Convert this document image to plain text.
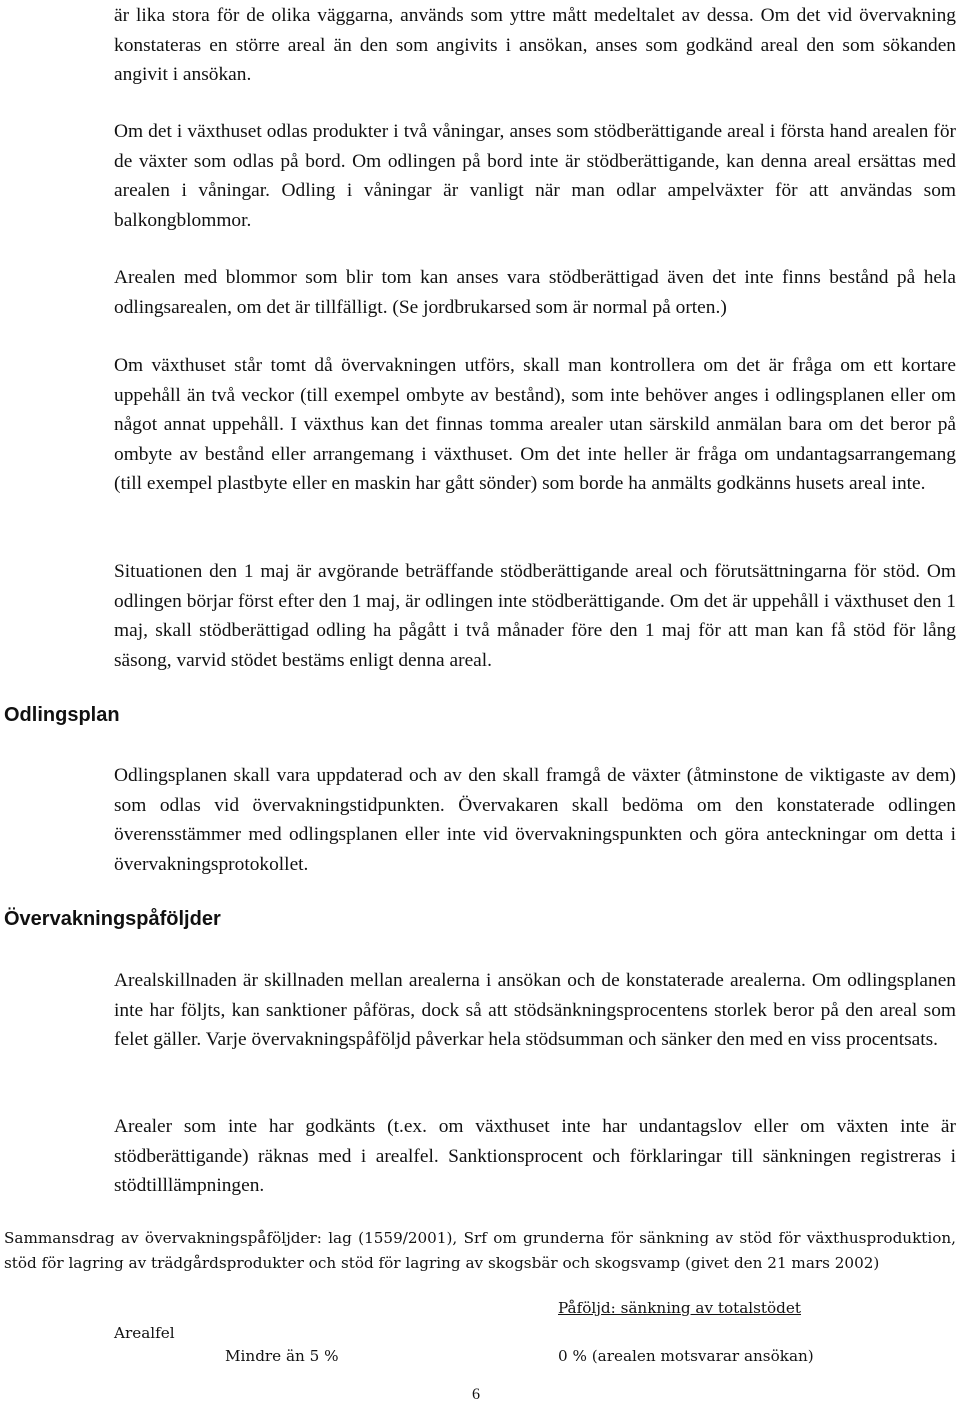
är lika stora för de olika väggarna, används som yttre mått medeltalet av dessa. Om det vid övervakning konstateras en större areal än den som angivits i ansökan, anses som godkänd areal den som sökanden angivit i ansökan.
Om det i växthuset odlas produkter i två våningar, anses som stödberättigande areal i första hand arealen för de växter som odlas på bord. Om odlingen på bord inte är stödberättigande, kan denna areal ersättas med arealen i våningar. Odling i våningar är vanligt när man odlar ampelväxter för att användas som balkongblommor.
Arealen med blommor som blir tom kan anses vara stödberättigad även det inte finns bestånd på hela odlingsarealen, om det är tillfälligt. (Se jordbrukarsed som är normal på orten.)
Om växthuset står tomt då övervakningen utförs, skall man kontrollera om det är fråga om ett kortare uppehåll än två veckor (till exempel ombyte av bestånd), som inte behöver anges i odlingsplanen eller om något annat uppehåll. I växthus kan det finnas tomma arealer utan särskild anmälan bara om det beror på ombyte av bestånd eller arrangemang i växthuset. Om det inte heller är fråga om undantagsarrangemang (till exempel plastbyte eller en maskin har gått sönder) som borde ha anmälts godkänns husets areal inte.
Situationen den 1 maj är avgörande beträffande stödberättigande areal och förutsättningarna för stöd. Om odlingen börjar först efter den 1 maj, är odlingen inte stödberättigande. Om det är uppehåll i växthuset den 1 maj, skall stödberättigad odling ha pågått i två månader före den 1 maj för att man kan få stöd för lång säsong, varvid stödet bestäms enligt denna areal.
Odlingsplan
Odlingsplanen skall vara uppdaterad och av den skall framgå de växter (åtminstone de viktigaste av dem) som odlas vid övervakningstidpunkten. Övervakaren skall bedöma om den konstaterade odlingen överensstämmer med odlingsplanen eller inte vid övervakningspunkten och göra anteckningar om detta i övervakningsprotokollet.
Övervakningspåföljder
Arealskillnaden är skillnaden mellan arealerna i ansökan och de konstaterade arealerna. Om odlingsplanen inte har följts, kan sanktioner påföras, dock så att stödsänkningsprocentens storlek beror på den areal som felet gäller. Varje övervakningspåföljd påverkar hela stödsumman och sänker den med en viss procentsats.
Arealer som inte har godkänts (t.ex. om växthuset inte har undantagslov eller om växten inte är stödberättigande) räknas med i arealfel. Sanktionsprocent och förklaringar till sänkningen registreras i stödtilllämpningen.
Sammansdrag av övervakningspåföljder: lag (1559/2001), Srf om grunderna för sänkning av stöd för växthusproduktion, stöd för lagring av trädgårdsprodukter och stöd för lagring av skogsbär och skogsvamp (givet den 21 mars 2002)
Påföljd: sänkning av totalstödet
Arealfel
Mindre än 5 %	0 % (arealen motsvarar ansökan)
6
